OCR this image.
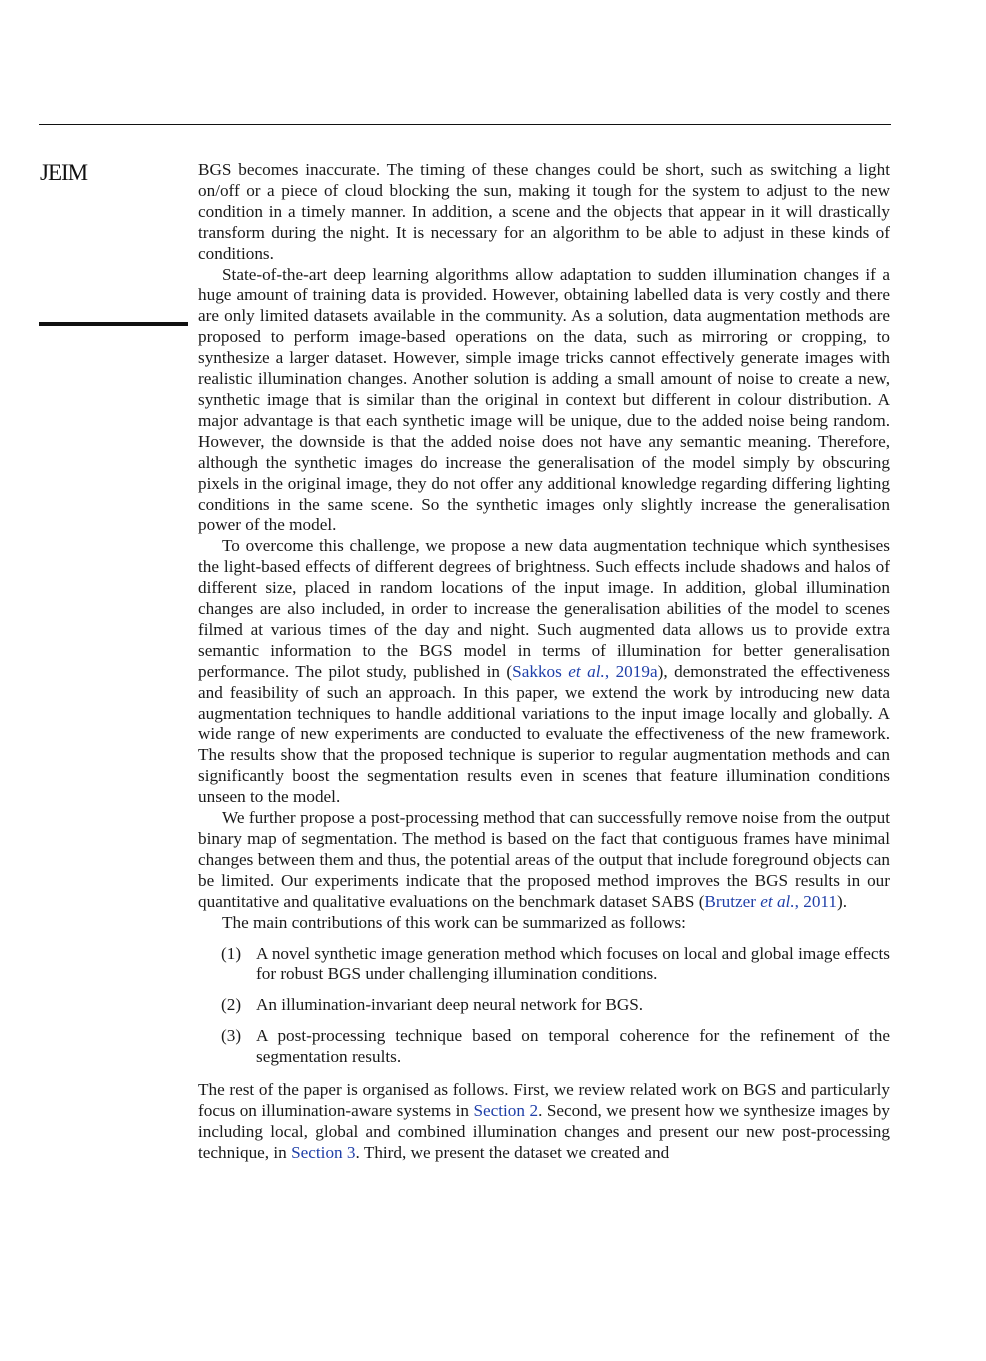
JEIM	BGS becomes inaccurate. The timing of these changes could be short, such as switching a light on/off or a piece of cloud blocking the sun, making it tough for the system to adjust to the new condition in a timely manner. In addition, a scene and the objects that appear in it will drastically transform during the night. It is necessary for an algorithm to be able to adjust in these kinds of conditions.

State-of-the-art deep learning algorithms allow adaptation to sudden illumination changes if a huge amount of training data is provided. However, obtaining labelled data is very costly and there are only limited datasets available in the community. As a solution, data augmentation methods are proposed to perform image-based operations on the data, such as mirroring or cropping, to synthesize a larger dataset. However, simple image tricks cannot effectively generate images with realistic illumination changes. Another solution is adding a small amount of noise to create a new, synthetic image that is similar than the original in context but different in colour distribution. A major advantage is that each synthetic image will be unique, due to the added noise being random. However, the downside is that the added noise does not have any semantic meaning. Therefore, although the synthetic images do increase the generalisation of the model simply by obscuring pixels in the original image, they do not offer any additional knowledge regarding differing lighting conditions in the same scene. So the synthetic images only slightly increase the generalisation power of the model.

To overcome this challenge, we propose a new data augmentation technique which synthesises the light-based effects of different degrees of brightness. Such effects include shadows and halos of different size, placed in random locations of the input image. In addition, global illumination changes are also included, in order to increase the generalisation abilities of the model to scenes filmed at various times of the day and night. Such augmented data allows us to provide extra semantic information to the BGS model in terms of illumination for better generalisation performance. The pilot study, published in (Sakkos et al., 2019a), demonstrated the effectiveness and feasibility of such an approach. In this paper, we extend the work by introducing new data augmentation techniques to handle additional variations to the input image locally and globally. A wide range of new experiments are conducted to evaluate the effectiveness of the new framework. The results show that the proposed technique is superior to regular augmentation methods and can significantly boost the segmentation results even in scenes that feature illumination conditions unseen to the model.

We further propose a post-processing method that can successfully remove noise from the output binary map of segmentation. The method is based on the fact that contiguous frames have minimal changes between them and thus, the potential areas of the output that include foreground objects can be limited. Our experiments indicate that the proposed method improves the BGS results in our quantitative and qualitative evaluations on the benchmark dataset SABS (Brutzer et al., 2011).

The main contributions of this work can be summarized as follows:

(1) A novel synthetic image generation method which focuses on local and global image effects for robust BGS under challenging illumination conditions.
(2) An illumination-invariant deep neural network for BGS.
(3) A post-processing technique based on temporal coherence for the refinement of the segmentation results.

The rest of the paper is organised as follows. First, we review related work on BGS and particularly focus on illumination-aware systems in Section 2. Second, we present how we synthesize images by including local, global and combined illumination changes and present our new post-processing technique, in Section 3. Third, we present the dataset we created and
